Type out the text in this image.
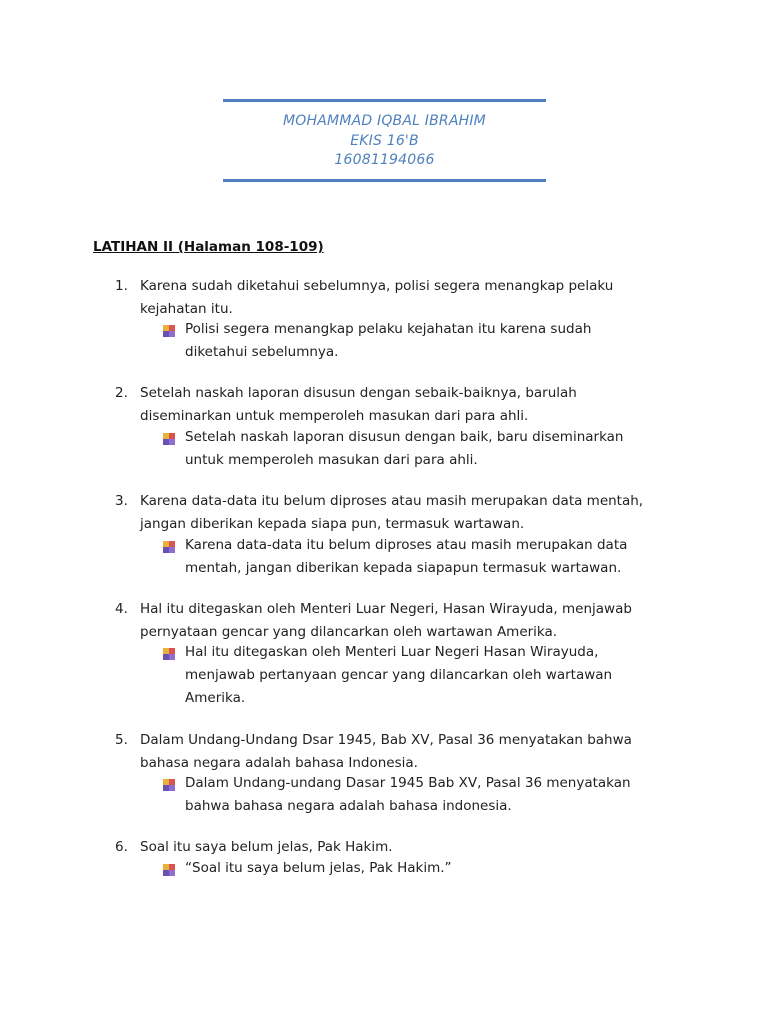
MOHAMMAD IQBAL IBRAHIM
EKIS 16'B
16081194066
LATIHAN II (Halaman 108-109)
1. Karena sudah diketahui sebelumnya, polisi segera menangkap pelaku
kejahatan itu.
Polisi segera menangkap pelaku kejahatan itu karena sudah
diketahui sebelumnya.
2. Setelah naskah laporan disusun dengan sebaik-baiknya, barulah
diseminarkan untuk memperoleh masukan dari para ahli.
Setelah naskah laporan disusun dengan baik, baru diseminarkan
untuk memperoleh masukan dari para ahli.
3. Karena data-data itu belum diproses atau masih merupakan data mentah,
jangan diberikan kepada siapa pun, termasuk wartawan.
Karena data-data itu belum diproses atau masih merupakan data
mentah, jangan diberikan kepada siapapun termasuk wartawan.
4. Hal itu ditegaskan oleh Menteri Luar Negeri, Hasan Wirayuda, menjawab
pernyataan gencar yang dilancarkan oleh wartawan Amerika.
Hal itu ditegaskan oleh Menteri Luar Negeri Hasan Wirayuda,
menjawab pertanyaan gencar yang dilancarkan oleh wartawan
Amerika.
5. Dalam Undang-Undang Dsar 1945, Bab XV, Pasal 36 menyatakan bahwa
bahasa negara adalah bahasa Indonesia.
Dalam Undang-undang Dasar 1945 Bab XV, Pasal 36 menyatakan
bahwa bahasa negara adalah bahasa indonesia.
6. Soal itu saya belum jelas, Pak Hakim.
“Soal itu saya belum jelas, Pak Hakim.”
